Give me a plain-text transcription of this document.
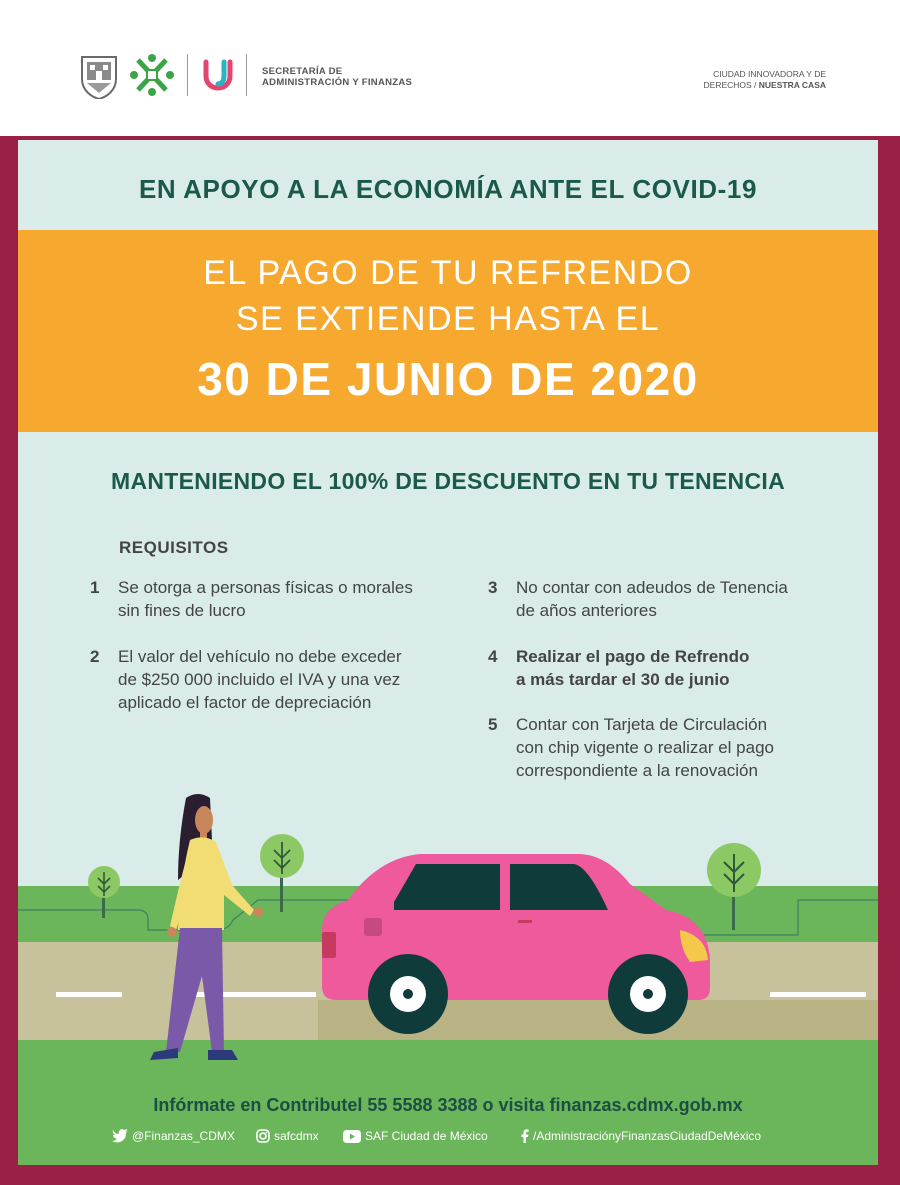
SECRETARÍA DE
ADMINISTRACIÓN Y FINANZAS
CIUDAD INNOVADORA Y DE
DERECHOS / NUESTRA CASA
EN APOYO A LA ECONOMÍA ANTE EL COVID-19
EL PAGO DE TU REFRENDO
SE EXTIENDE HASTA EL
30 DE JUNIO DE 2020
MANTENIENDO EL 100% DE DESCUENTO EN TU TENENCIA
REQUISITOS
1 Se otorga a personas físicas o morales
sin fines de lucro
2 El valor del vehículo no debe exceder
de $250 000 incluido el IVA y una vez
aplicado el factor de depreciación
3 No contar con adeudos de Tenencia
de años anteriores
4 Realizar el pago de Refrendo
a más tardar el 30 de junio
5 Contar con Tarjeta de Circulación
con chip vigente o realizar el pago
correspondiente a la renovación
Infórmate en Contributel 55 5588 3388 o visita finanzas.cdmx.gob.mx
@Finanzas_CDMX	safcdmx	SAF Ciudad de México	/AdministraciónyFinanzasCiudadDeMéxico
